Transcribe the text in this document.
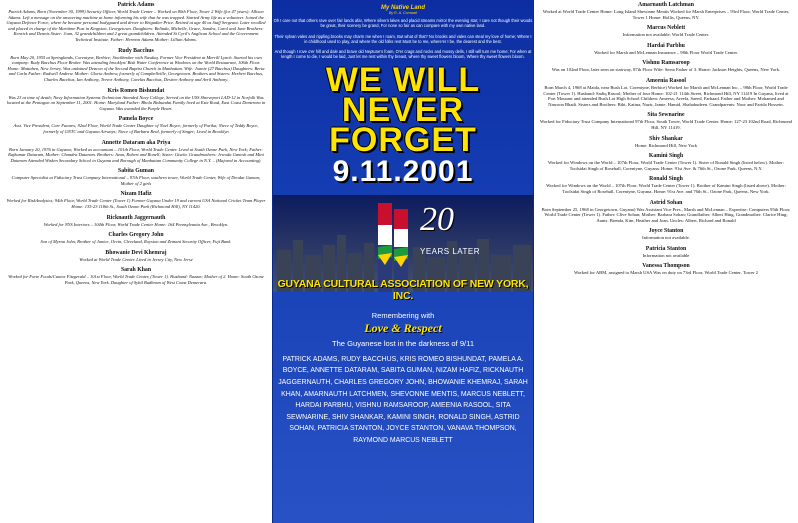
Patrick Adams
Patrick Adams, Born (November 30, 1999) Security Officer, World Trade Center – Worked on 80th Floor, Tower 2 Wife (for 47 years): Allison Adams. Left a message on the answering machine at home informing his wife that he was trapped. Started Army life as a volunteer. Joined the Guyana Defence Force, where he became personal bodyguard and driver to Brigadier Price. Retired at age 40 as Staff Sergeant. Later recalled and placed in charge of the Maritime Post in Kingston, Georgetown. Daughters: Belinda, Michelle, Grace, Sandra, Carol and June Brothers: Kenrick and Dennis Sister: Joan, 32 grandchildren and 2 great grandchildren. Attended St Cyril's Anglican School and the Government Technical Institute. Father: Hermon Adams Mother: Lillian Adams.
Rudy Bacchus
Born May 20, 1955 at Springlands, Corentyne, Berbice; Stockbroker with Nasdaq. Former Vice President at Merrill Lynch. Started his own company: Rudy Bacchus Floor Broker. Was attending brooklyn/ Bisk Water Conference at Windows on the World Restaurant, 106th Floor. Home: Mattahen, New Jersey. Was ordained Deacon of the Second Baptist Church in Manhattan. Wife: Joanie (27 Bacchus) Daughters: Berta and Carla Father: Rudwell Andrew. Mother: Gloria Andrew, formerly of Campbellville, Georgetown. Brothers and Sisters: Herbert Bacchus, Charles Bacchus, Ian Anthony, Trevor Anthony, Cavelas Bacchus, Desiree Anthony and Avril Anthony.
Kris Romeo Bishundat
Was 23 at time of death; Navy Information Systems Technician Attended Navy College, Served on the USS Shreveport LAD-12 in Norfolk Was located at the Pentagon on September 11, 2001. Home: Maryland Father: Bhola Bishundat Family lived at Este Road, East Coast Demerara in Guyana. Was awarded the Purple Heart.
Pamela Boyce
Asst. Vice President, Carr Futures; 92nd Floor, World Trade Center Daughter of Noel Boyce, formerly of Parika; Niece of Teddy Boyce, formerly of GNTC and Guyana Airways; Niece of Barbara Reid, formerly of Singer; Lived in Brooklyn
Annette Dataram aka Priya
Born January 20, 1976 in Guyana; Worked as accountant – 101th Floor, World Trade Center. Lived at South Ozone Park, New York; Father: Rajkumar Dataram, Mother: Chandra Dataram. Brothers: Avan, Robert and Ronell; Sister: Gisela. Grandmothers: Jewoda Ganesh and Mini Dataram Attended Wisken Secondary School in Guyana and Borough of Manhattan Community College in N.Y. – (Majored in Accounting).
Sabita Guman
Computer Specialist at Fiduciary Trust Company International – 97th Floor, southern tower, World Trade Center, Wife of Deodat Guman; Mother of 2 girls
Nizam Hafiz
Worked for RiskAnalytics; 94th Floor, World Trade Center (Tower 1) Former Guyana Under 19 and current USA National Cricket Team Player Home: 135-23 118th St., South Ozone Park (Richmond Hill), NY 11420.
Ricknauth Jaggernauth
Worked for NYS Interiors – 104th Floor, World Trade Center Home: 164 Pennsylvania Ave., Brooklyn.
Charles Gregory John
Son of Myrna John, Brother of Janice, Orvin, Cleveland, Royston and Zemani Security Officer, Fuji Bank.
Bhowanie Devi Khemraj
Worked at World Trade Center. Lived in Jersey City, New Jerse
Sarah Khan
Worked for Forte Foods/Cantor Fitzgerald – 101st Floor, World Trade Center, (Tower 1). Husband: Nazam; Mother of 2. Home: South Ozone Park, Queens, New York. Daughter of Sybil Budhram of West Coast Demerara.
My Native Land
By R. A. Cornwall
Oh I care not that others rave over fair lands afar, Where silvern lakes and placid streams mirror the evening star; I care not though their woods be great, their scenery be grand, For none so fair as can compare with my own native land.
Their sylvan vales and rippling brooks may charm me when I roam, But what of that? No brooks and vales can steal my love of home; Where I in childhood used to play, and where the old folks rest Must be to me, where'er I be, the dearest and the best.
And though I rove o'er hill and dale and brave old Neptune's foam, O'er crags and rocks and mossy dells, I still will turn me home; For when at length I come to die, I would be laid, Just let me rest within thy breast, where thy sweet flowers bloom, Where thy sweet flowers bloom.
WE WILL
NEVER
FORGET
9.11.2001
20
YEARS LATER
GUYANA CULTURAL ASSOCIATION OF NEW YORK, INC.
Remembering with
Love & Respect
The Guyanese lost in the darkness of 9/11
PATRICK ADAMS, RUDY BACCHUS, KRIS ROMEO BISHUNDAT, PAMELA A. BOYCE, ANNETTE DATARAM, SABITA GUMAN, NIZAM HAFIZ, RICKNAUTH JAGGERNAUTH, CHARLES GREGORY JOHN, BHOWANIE KHEMRAJ, SARAH KHAN, AMARNAUTH LATCHMEN, SHEVONNE MENTIS, MARCUS NEBLETT, HARDAI PARBHU, VISHNU RAMSAROOP, AMEENIA RASOOL, SITA SEWNARINE, SHIV SHANKAR, KAMINI SINGH, RONALD SINGH, ASTRID SOHAN, PATRICIA STANTON, JOYCE STANTON, VANAVA THOMPSON, RAYMOND MARCUS NEBLETT
Amarnauth Latchman
Worked at World Trade Center Home: Long Island Shevonne Mentis Worked for Marsh Enterprises – 93rd Floor, World Trade Center, Tower 1 Home: Hollis, Queens, NY.
Marcus Neblett
Information not available; World Trade Center.
Hardai Parbhu
Worked for Marsh and McLennan Insurance – 98th Floor World Trade Center.
Vishnu Ramsaroop
Was on 102nd Floor, later seen on stairway, 87th Floor Wife: Seeta Father of 3. Home: Jackson Heights, Queens, New York.
Ameenia Rasool
Born March 4, 1968 at Maida, near Bush Lot, Corentyne, Berbice) Worked for Marsh and McLennan Inc. – 98th Floor, World Trade Center (Tower 1). Husband: Sadiq Rasool; Mother of four Home: 102-21 114th Street, Richmond Hill, NY 11419 In Guyana, lived at Port Mourant and attended Bush Lot High School Children: Ameesa, Areefa, Saeed, Farhaad. Father and Mother: Mohamed and Nasroon Bhadi. Sisters and Brothers: Bibi, Katina, Nazir, Jamie, Hamid. Shahabudeen. Grandparents: Noor and Farida Hossein.
Sita Sewnarine
Worked for Fiduciary Trust Company International 97th Floor, South Tower, World Trade Center. Home: 127-23 102nd Road, Richmond Hill, NY 11419.
Shiv Shankar
Home: Richmond Hill, New York
Kamini Singh
Worked for Windows on the World – 107th Floor, World Trade Center (Tower 1). Sister of Ronald Singh (listed below). Mother: Toolsidai Singh of Rosehall, Corentyne, Guyana. Home: 91st Ave. & 76th St., Ozone Park, Queens, N.Y.
Ronald Singh
Worked for Windows on the World – 107th Floor, World Trade Center (Tower 1). Brother of Kamini Singh (listed above). Mother: Toolsidai Singh of Rosehall, Corentyne, Guyana. Home: 91st Ave. and 76th St., Ozone Park, Queens, New York.
Astrid Sohan
Born September 25, 1968 in Georgetown, Guyana) Was Assistant Vice Pres., Marsh and McLennan – Expertise: Computers 95th Floor, World Trade Center (Tower 1). Father: Clive Sohan; Mother: Barbara Sohan; Grandfather: Albert Hing, Grandmother: Clarice Hing; Aunts: Brenda, Kim, Heather and Joan. Uncles: Albert, Richard and Ronald
Joyce Stanton
Information not available.
Patricia Stanton
Information not available
Vanessa Thompson
Worked for ABM, assigned to Marsh USA Was on duty on 73rd Floor, World Trade Center, Tower 2
